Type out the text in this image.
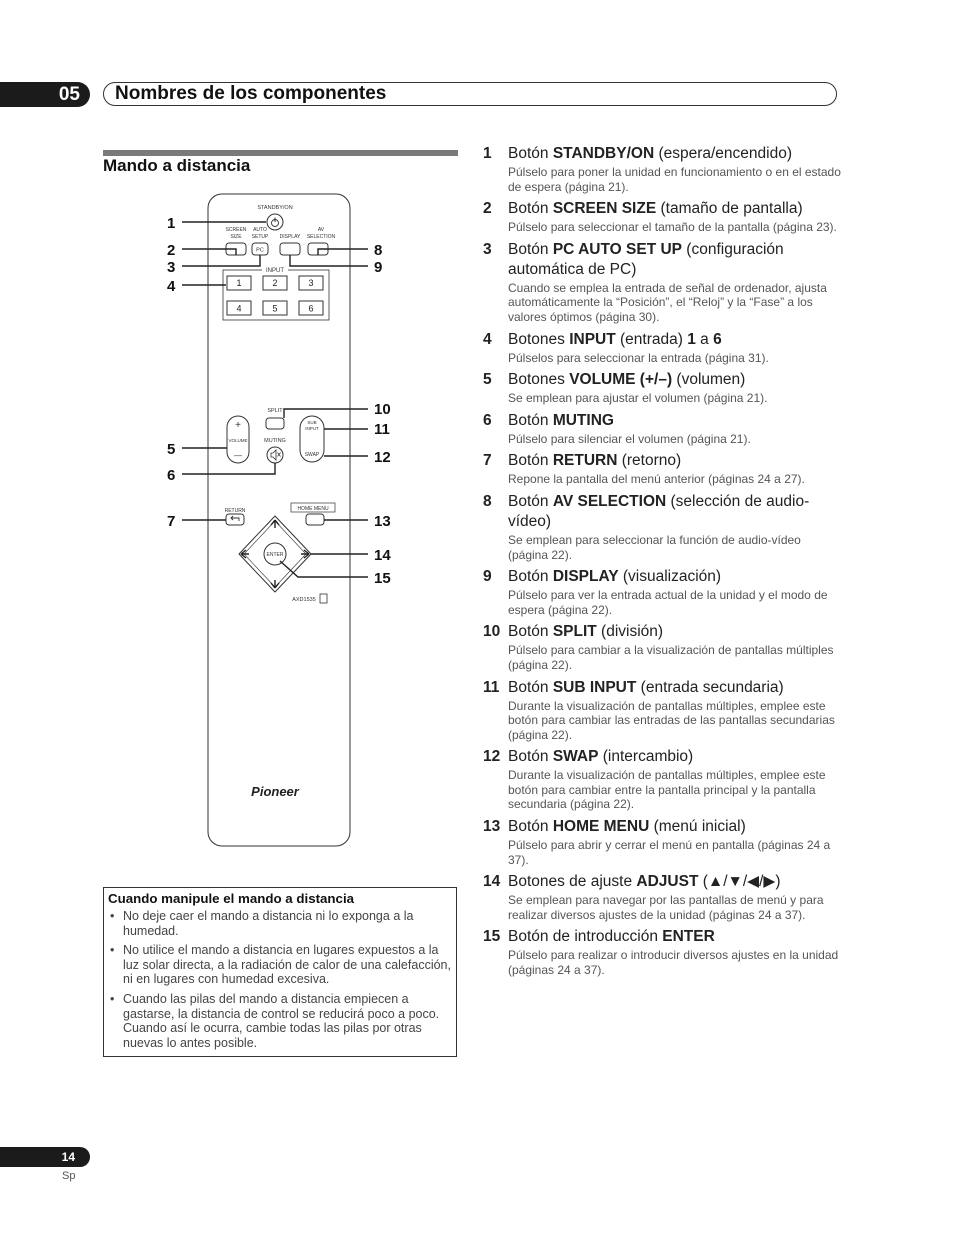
05	Nombres de los componentes
Mando a distancia
STANDBY/ON
SCREEN
SIZE
AUTO
SETUP DISPLAY
AV
SELECTION
PC
INPUT
1	2	3
4	5	6
SPLIT
SUB
INPUT
SWAP
+
VOLUME
—
MUTING
RETURN	HOME MENU
ENTER
AXD1535
Pioneer
1
2
3
4
5
6
7
8
9
10
11
12
13
14
15
1	Botón STANDBY/ON (espera/encendido)
Púlselo para poner la unidad en funcionamiento o en el estado de espera (página 21).
2	Botón SCREEN SIZE (tamaño de pantalla)
Púlselo para seleccionar el tamaño de la pantalla (página 23).
3	Botón PC AUTO SET UP (configuración automática de PC)
Cuando se emplea la entrada de señal de ordenador, ajusta automáticamente la “Posición”, el “Reloj” y la “Fase” a los valores óptimos (página 30).
4	Botones INPUT (entrada) 1 a 6
Púlselos para seleccionar la entrada (página 31).
5	Botones VOLUME (+/–) (volumen)
Se emplean para ajustar el volumen (página 21).
6	Botón MUTING
Púlselo para silenciar el volumen (página 21).
7	Botón RETURN (retorno)
Repone la pantalla del menú anterior (páginas 24 a 27).
8	Botón AV SELECTION (selección de audio-vídeo)
Se emplean para seleccionar la función de audio-vídeo (página 22).
9	Botón DISPLAY (visualización)
Púlselo para ver la entrada actual de la unidad y el modo de espera (página 22).
10 Botón SPLIT (división)
Púlselo para cambiar a la visualización de pantallas múltiples (página 22).
11 Botón SUB INPUT (entrada secundaria)
Durante la visualización de pantallas múltiples, emplee este botón para cambiar las entradas de las pantallas secundarias (página 22).
12 Botón SWAP (intercambio)
Durante la visualización de pantallas múltiples, emplee este botón para cambiar entre la pantalla principal y la pantalla secundaria (página 22).
13 Botón HOME MENU (menú inicial)
Púlselo para abrir y cerrar el menú en pantalla (páginas 24 a 37).
14 Botones de ajuste ADJUST (▲/▼/◀/▶)
Se emplean para navegar por las pantallas de menú y para realizar diversos ajustes de la unidad (páginas 24 a 37).
15 Botón de introducción ENTER
Púlselo para realizar o introducir diversos ajustes en la unidad (páginas 24 a 37).
Cuando manipule el mando a distancia
• No deje caer el mando a distancia ni lo exponga a la humedad.
• No utilice el mando a distancia en lugares expuestos a la luz solar directa, a la radiación de calor de una calefacción, ni en lugares con humedad excesiva.
• Cuando las pilas del mando a distancia empiecen a gastarse, la distancia de control se reducirá poco a poco. Cuando así le ocurra, cambie todas las pilas por otras nuevas lo antes posible.
14
Sp
